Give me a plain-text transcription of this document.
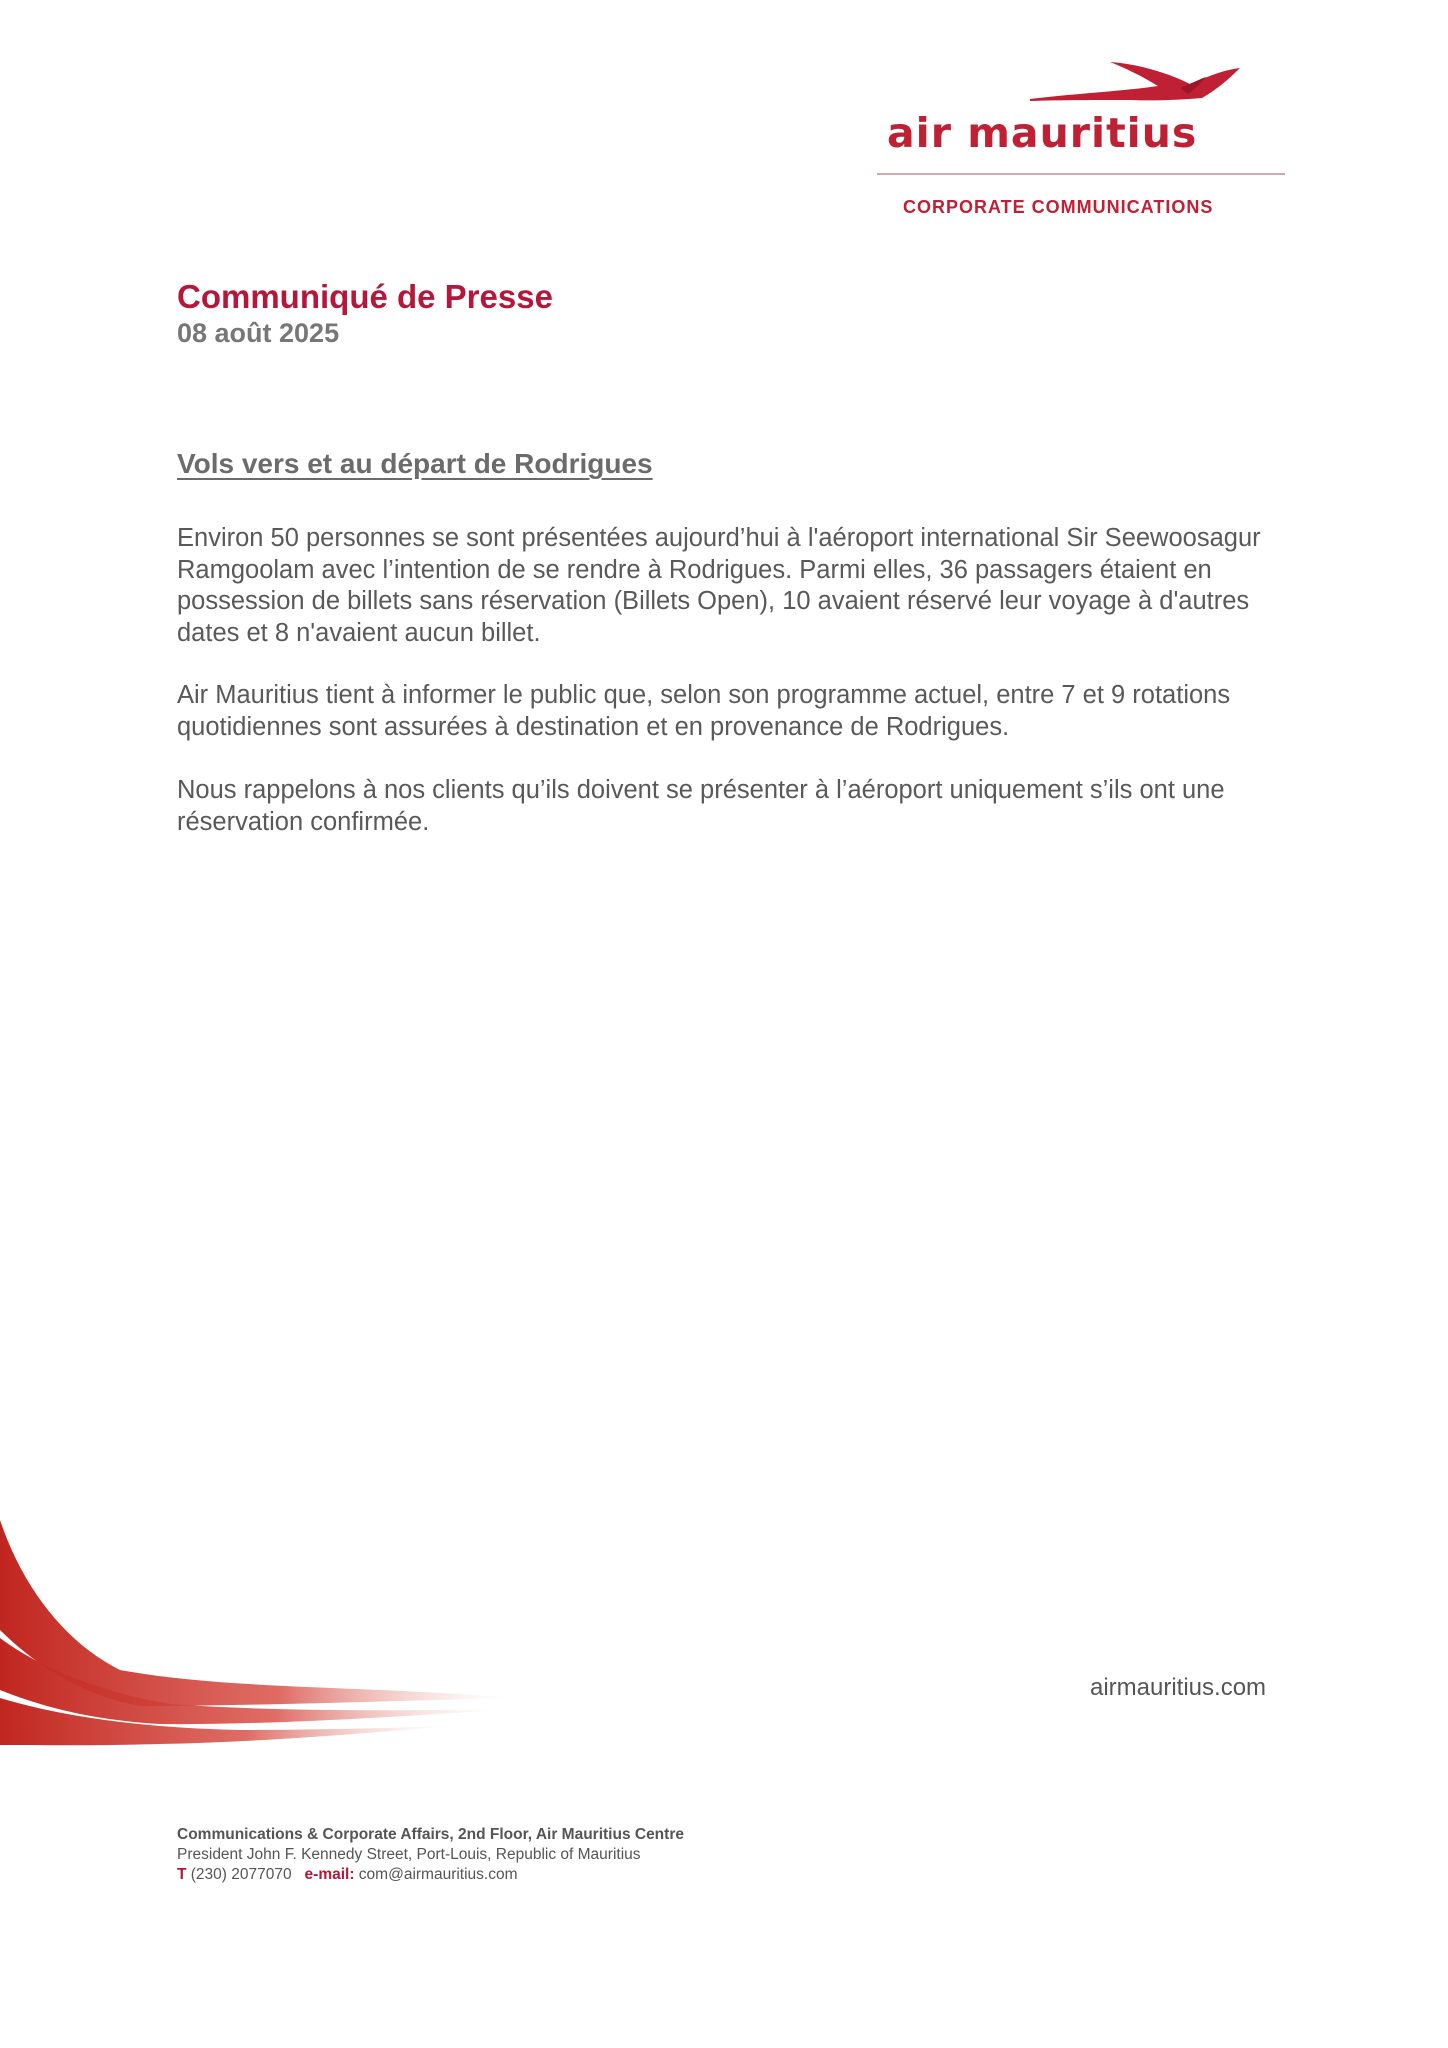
air mauritius
CORPORATE COMMUNICATIONS
Communiqué de Presse
08 août 2025
Vols vers et au départ de Rodrigues

Environ 50 personnes se sont présentées aujourd’hui à l'aéroport international Sir Seewoosagur Ramgoolam avec l’intention de se rendre à Rodrigues. Parmi elles, 36 passagers étaient en possession de billets sans réservation (Billets Open), 10 avaient réservé leur voyage à d'autres dates et 8 n'avaient aucun billet.

Air Mauritius tient à informer le public que, selon son programme actuel, entre 7 et 9 rotations quotidiennes sont assurées à destination et en provenance de Rodrigues.

Nous rappelons à nos clients qu’ils doivent se présenter à l’aéroport uniquement s’ils ont une réservation confirmée.

airmauritius.com
Communications & Corporate Affairs, 2nd Floor, Air Mauritius Centre
President John F. Kennedy Street, Port-Louis, Republic of Mauritius
T (230) 2077070   e-mail: com@airmauritius.com
